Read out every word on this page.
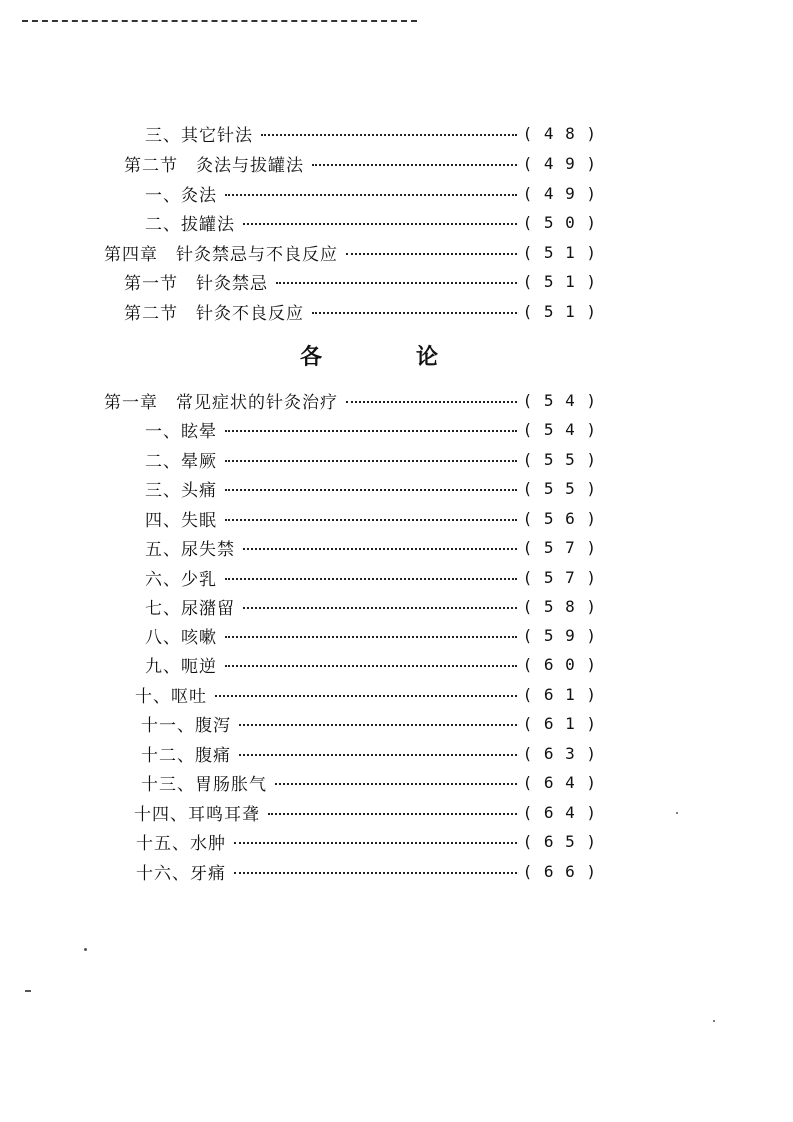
三、其它针法	( 4 8 )
第二节　灸法与拔罐法	( 4 9 )
一、灸法	( 4 9 )
二、拔罐法	( 5 0 )
第四章　针灸禁忌与不良反应	( 5 1 )
第一节　针灸禁忌	( 5 1 )
第二节　针灸不良反应	( 5 1 )
各　论
第一章　常见症状的针灸治疗	( 5 4 )
一、眩晕	( 5 4 )
二、晕厥	( 5 5 )
三、头痛	( 5 5 )
四、失眠	( 5 6 )
五、尿失禁	( 5 7 )
六、少乳	( 5 7 )
七、尿潴留	( 5 8 )
八、咳嗽	( 5 9 )
九、呃逆	( 6 0 )
十、呕吐	( 6 1 )
十一、腹泻	( 6 1 )
十二、腹痛	( 6 3 )
十三、胃肠胀气	( 6 4 )
十四、耳鸣耳聋	( 6 4 )
十五、水肿	( 6 5 )
十六、牙痛	( 6 6 )
